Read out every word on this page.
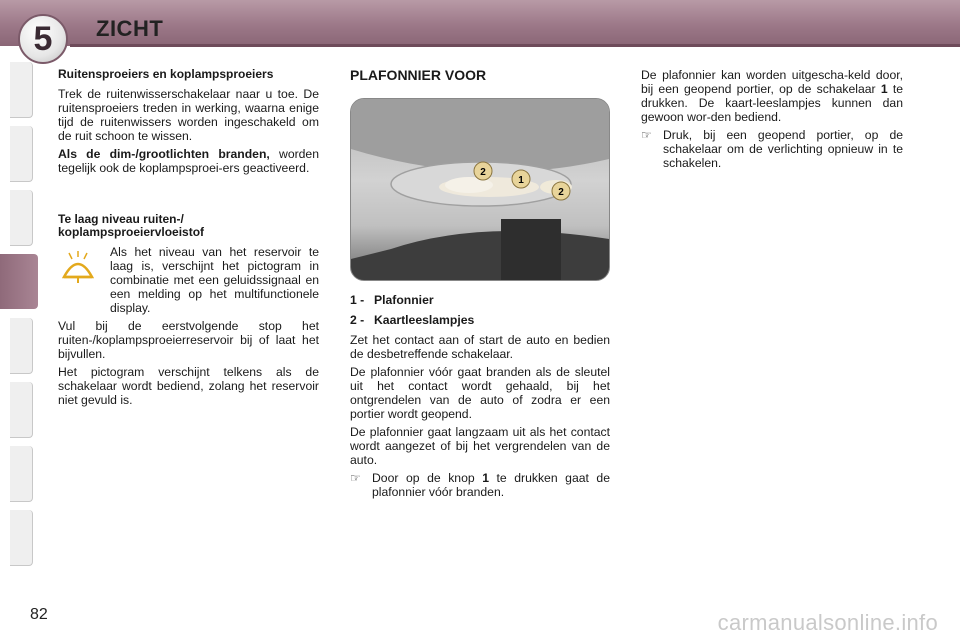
5	ZICHT
Ruitensproeiers en koplampsproeiers

Trek de ruitenwisserschakelaar naar u toe. De ruitensproeiers treden in werking, waarna enige tijd de ruitenwissers worden ingeschakeld om de ruit schoon te wissen.

Als de dim-/grootlichten branden, worden tegelijk ook de koplampsproei-ers geactiveerd.

Te laag niveau ruiten-/ koplampsproeiervloeistof
Als het niveau van het reservoir te laag is, verschijnt het pictogram in combinatie met een geluidssignaal en een melding op het multifunctionele display.

Vul bij de eerstvolgende stop het ruiten-/koplampsproeierreservoir bij of laat het bijvullen.

Het pictogram verschijnt telkens als de schakelaar wordt bediend, zolang het reservoir niet gevuld is.

PLAFONNIER VOOR
2
1
2
1 - Plafonnier
2 - Kaartleeslampjes

Zet het contact aan of start de auto en bedien de desbetreffende schakelaar.

De plafonnier vóór gaat branden als de sleutel uit het contact wordt gehaald, bij het ontgrendelen van de auto of zodra er een portier wordt geopend.

De plafonnier gaat langzaam uit als het contact wordt aangezet of bij het vergrendelen van de auto.

☞ Door op de knop 1 te drukken gaat de plafonnier vóór branden.

De plafonnier kan worden uitgescha-keld door, bij een geopend portier, op de schakelaar 1 te drukken. De kaart-leeslampjes kunnen dan gewoon wor-den bediend.

☞ Druk, bij een geopend portier, op de schakelaar om de verlichting opnieuw in te schakelen.
82	carmanualsonline.info
